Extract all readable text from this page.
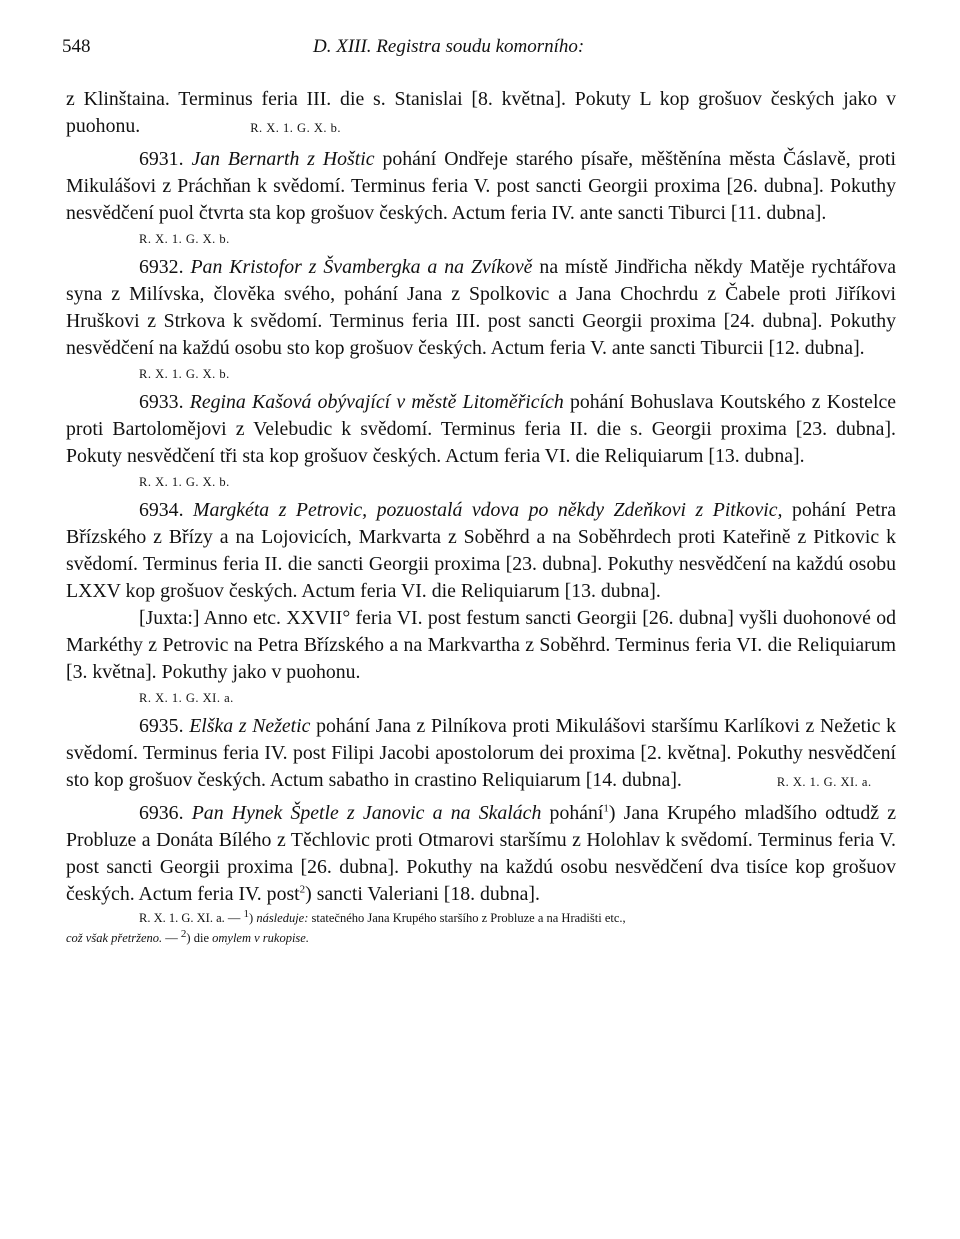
548	D. XIII. Registra soudu komorního:

z Klinštaina. Terminus feria III. die s. Stanislai [8. května]. Pokuty L kop grošuov českých jako v puohonu.	R. X. 1. G. X. b.

6931. Jan Bernarth z Hoštic pohání Ondřeje starého písaře, měštěnína města Čáslavě, proti Mikulášovi z Práchňan k svědomí. Terminus feria V. post sancti Georgii proxima [26. dubna]. Pokuthy nesvědčení puol čtvrta sta kop grošuov českých. Actum feria IV. ante sancti Tiburci [11. dubna].

R. X. 1. G. X. b.

6932. Pan Kristofor z Švambergka a na Zvíkově na místě Jindřicha někdy Matěje rychtářova syna z Milívska, člověka svého, pohání Jana z Spolkovic a Jana Chochrdu z Čabele proti Jiříkovi Hruškovi z Strkova k svědomí. Terminus feria III. post sancti Georgii proxima [24. dubna]. Pokuthy nesvědčení na každú osobu sto kop grošuov českých. Actum feria V. ante sancti Tiburcii [12. dubna].

R. X. 1. G. X. b.

6933. Regina Kašová obývající v městě Litoměřicích pohání Bohuslava Koutského z Kostelce proti Bartolomějovi z Velebudic k svědomí. Terminus feria II. die s. Georgii proxima [23. dubna]. Pokuty nesvědčení tři sta kop grošuov českých. Actum feria VI. die Reliquiarum [13. dubna].

R. X. 1. G. X. b.

6934. Margkéta z Petrovic, pozuostalá vdova po někdy Zdeňkovi z Pitkovic, pohání Petra Břízského z Břízy a na Lojovicích, Markvarta z Soběhrd a na Soběhrdech proti Kateřině z Pitkovic k svědomí. Terminus feria II. die sancti Georgii proxima [23. dubna]. Pokuthy nesvědčení na každú osobu LXXV kop grošuov českých. Actum feria VI. die Reliquiarum [13. dubna].

[Juxta:] Anno etc. XXVII° feria VI. post festum sancti Georgii [26. dubna] vyšli duohonové od Markéthy z Petrovic na Petra Břízského a na Markvartha z Soběhrd. Terminus feria VI. die Reliquiarum [3. května]. Pokuthy jako v puohonu.

R. X. 1. G. XI. a.

6935. Elška z Nežetic pohání Jana z Pilníkova proti Mikulášovi staršímu Karlíkovi z Nežetic k svědomí. Terminus feria IV. post Filipi Jacobi apostolorum dei proxima [2. května]. Pokuthy nesvědčení sto kop grošuov českých. Actum sabatho in crastino Reliquiarum [14. dubna].	R. X. 1. G. XI. a.

6936. Pan Hynek Špetle z Janovic a na Skalách pohání$^1$) Jana Krupého mladšího odtudž z Probluze a Donáta Bílého z Těchlovic proti Otmarovi staršímu z Holohlav k svědomí. Terminus feria V. post sancti Georgii proxima [26. dubna]. Pokuthy na každú osobu nesvědčení dva tisíce kop grošuov českých. Actum feria IV. post$^2$) sancti Valeriani [18. dubna].

R. X. 1. G. XI. a. — $^1$) následuje: statečného Jana Krupého staršího z Probluze a na Hradišti etc.,
což však přetrženo. — $^2$) die omylem v rukopise.
